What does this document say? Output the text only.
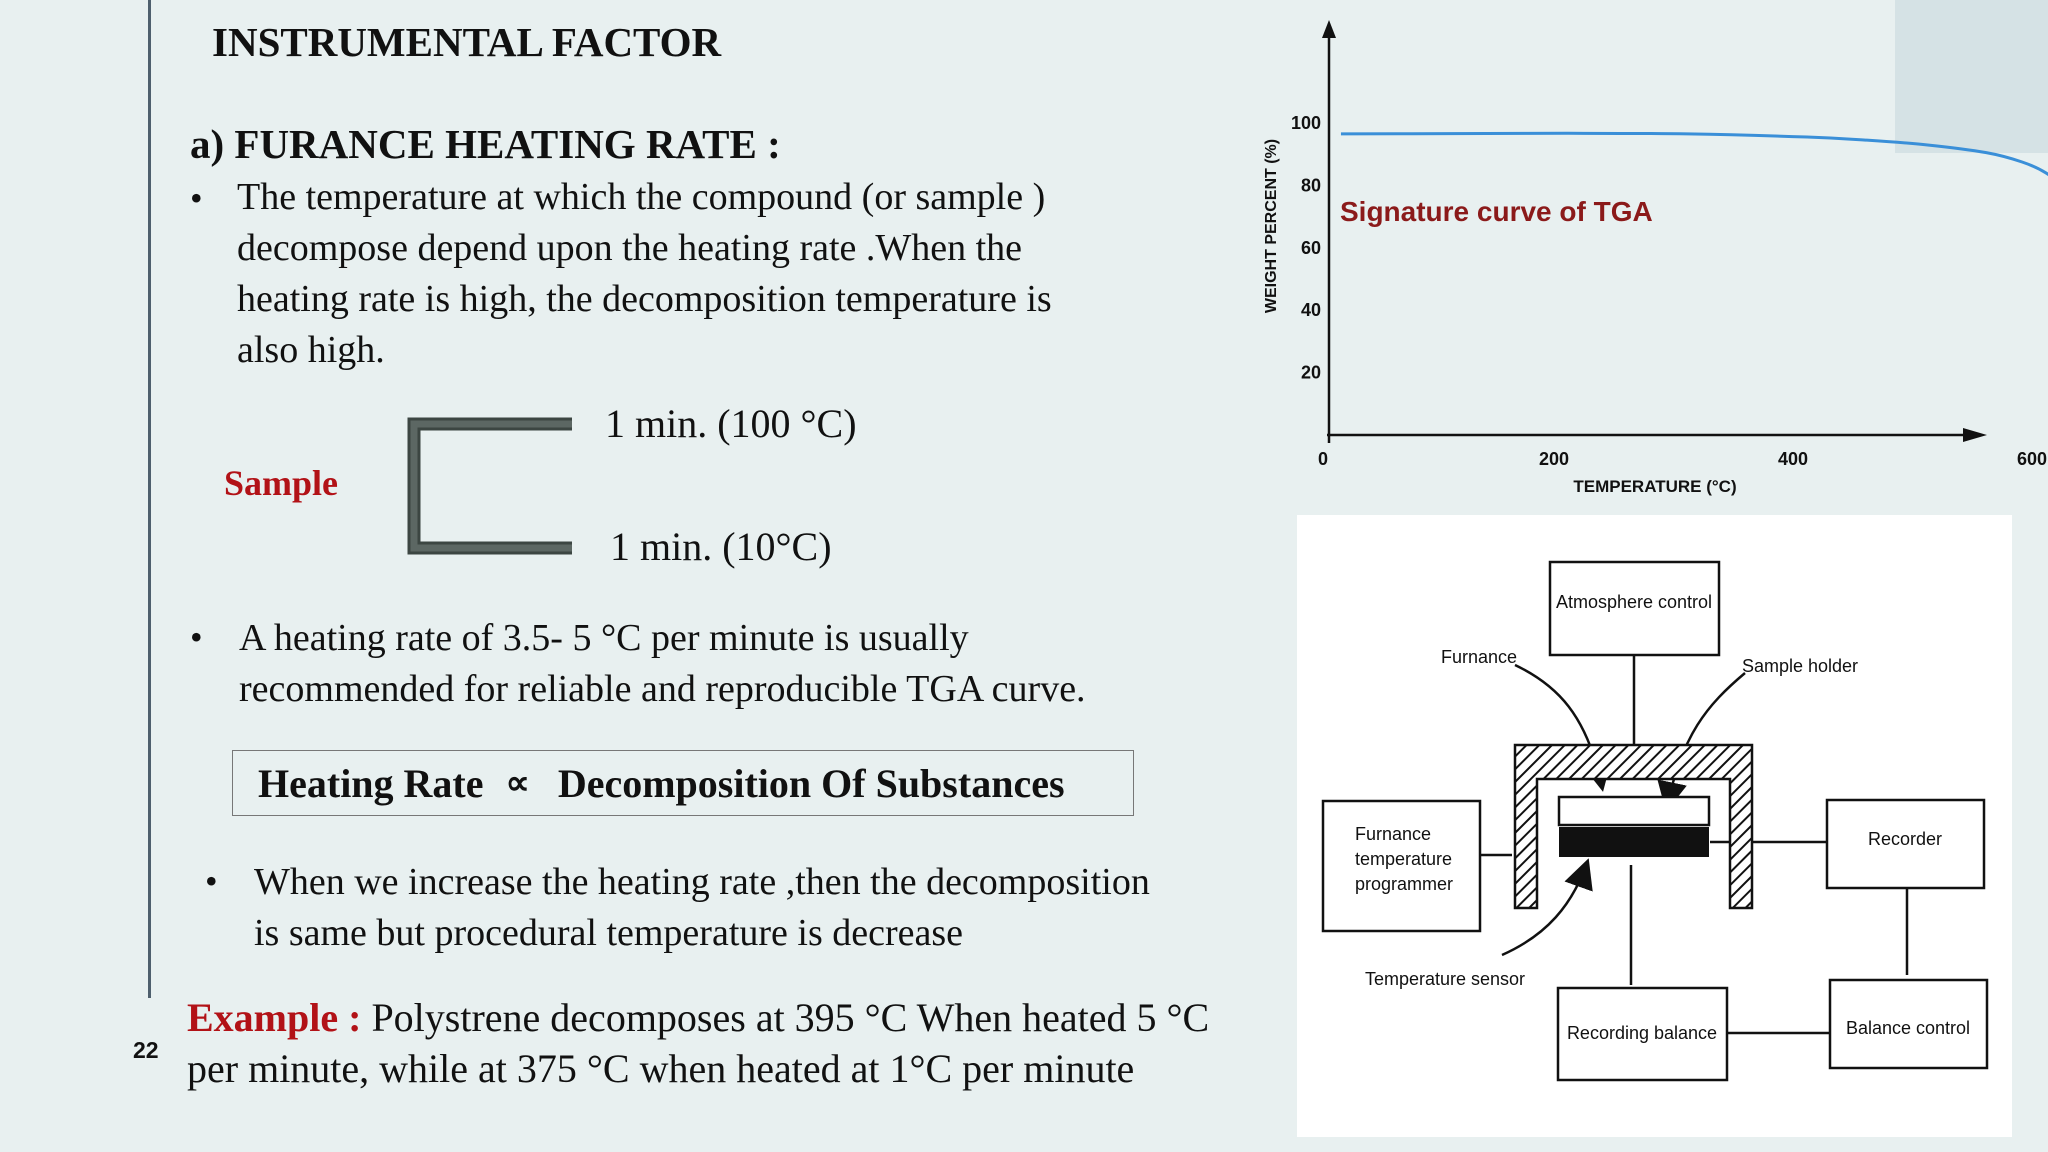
INSTRUMENTAL FACTOR
a) FURANCE HEATING RATE :
• The temperature at which the compound (or sample )
decompose depend upon the heating rate .When the
heating rate is high, the decomposition temperature is
also high.
Sample
1 min. (100 °C)
1 min. (10°C)
• A heating rate of 3.5- 5 °C per minute is usually
recommended for reliable and reproducible TGA curve.
Heating Rate ∝ Decomposition Of Substances
• When we increase the heating rate ,then the decomposition
is same but procedural temperature is decrease
Example : Polystrene decomposes at 395 °C When heated 5 °C
per minute, while at 375 °C when heated at 1°C per minute
22
20
40
60
80
100
0	200	400	600
TEMPERATURE (°C)
WEIGHT PERCENT (%) Signature curve of TGA
Atmosphere control
Furnance	Sample holder
Furnance
temperature
programmer
Recorder
Temperature sensor
Recording balance	Balance control
